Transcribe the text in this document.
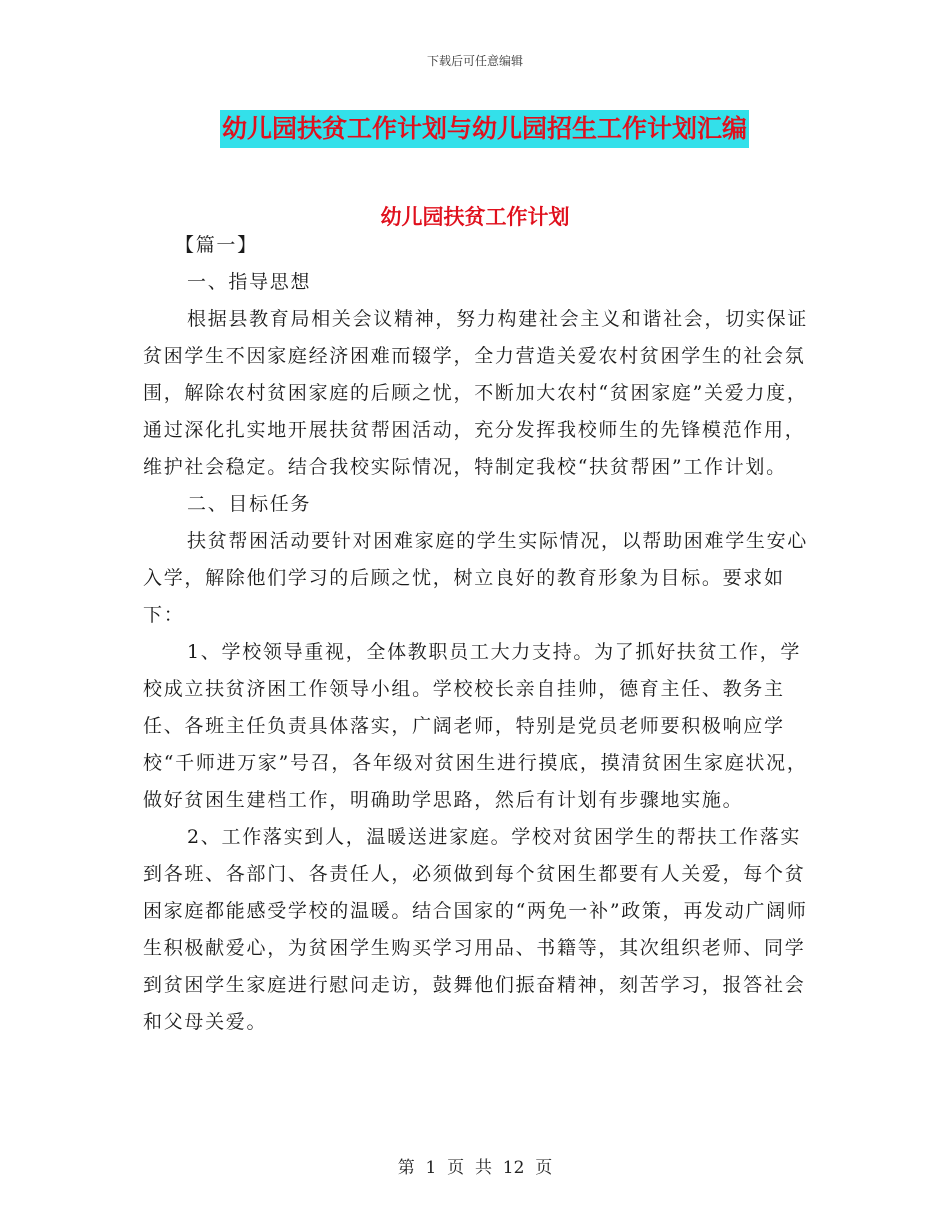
下载后可任意编辑
幼儿园扶贫工作计划与幼儿园招生工作计划汇编
幼儿园扶贫工作计划

【篇一】

一、指导思想

根据县教育局相关会议精神，努力构建社会主义和谐社会，切实保证贫困学生不因家庭经济困难而辍学，全力营造关爱农村贫困学生的社会氛围，解除农村贫困家庭的后顾之忧，不断加大农村“贫困家庭”关爱力度，通过深化扎实地开展扶贫帮困活动，充分发挥我校师生的先锋模范作用，维护社会稳定。结合我校实际情况，特制定我校“扶贫帮困”工作计划。

二、目标任务

扶贫帮困活动要针对困难家庭的学生实际情况，以帮助困难学生安心入学，解除他们学习的后顾之忧，树立良好的教育形象为目标。要求如下：

1、学校领导重视，全体教职员工大力支持。为了抓好扶贫工作，学校成立扶贫济困工作领导小组。学校校长亲自挂帅，德育主任、教务主任、各班主任负责具体落实，广阔老师，特别是党员老师要积极响应学校“千师进万家”号召，各年级对贫困生进行摸底，摸清贫困生家庭状况，做好贫困生建档工作，明确助学思路，然后有计划有步骤地实施。

2、工作落实到人，温暖送进家庭。学校对贫困学生的帮扶工作落实到各班、各部门、各责任人，必须做到每个贫困生都要有人关爱，每个贫困家庭都能感受学校的温暖。结合国家的“两免一补”政策，再发动广阔师生积极献爱心，为贫困学生购买学习用品、书籍等，其次组织老师、同学到贫困学生家庭进行慰问走访，鼓舞他们振奋精神，刻苦学习，报答社会和父母关爱。

第  1  页  共  12  页
